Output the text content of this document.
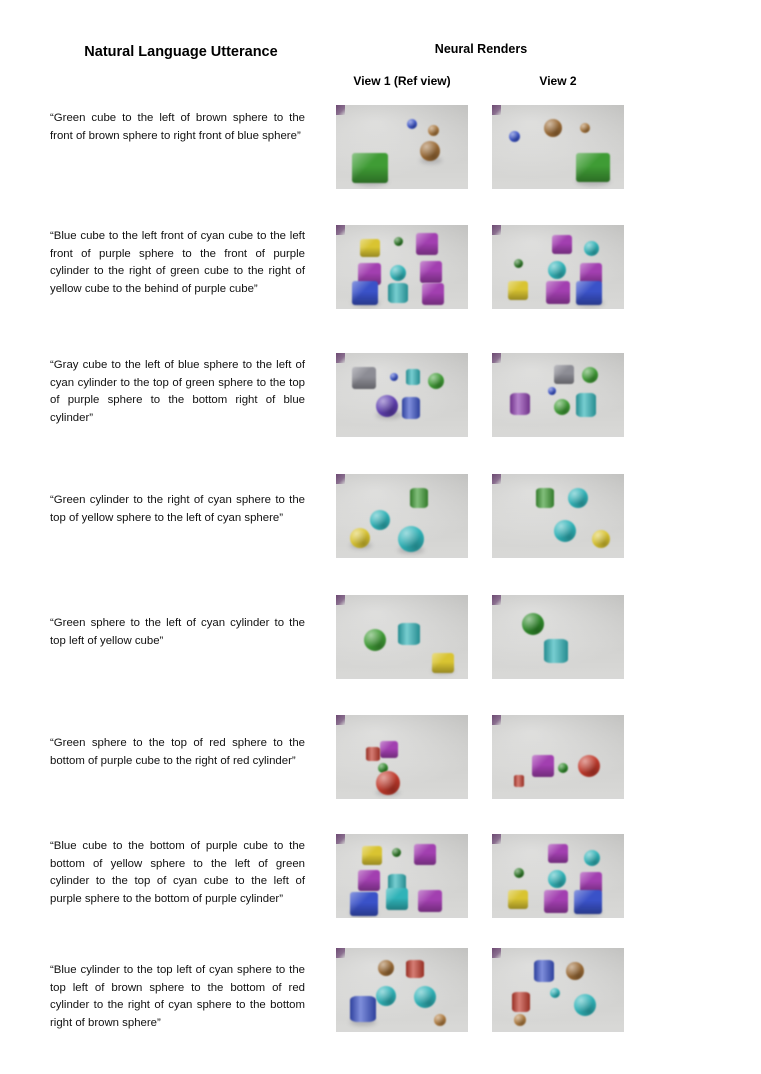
Natural Language Utterance	Neural Renders
View 1 (Ref view)	View 2
“Green cube to the left of brown sphere to the front of brown sphere to right front of blue sphere”
“Blue cube to the left front of cyan cube to the left front of purple sphere to the front of purple cylinder to the right of green cube to the right of yellow cube to the behind of purple cube”
“Gray cube to the left of blue sphere to the left of cyan cylinder to the top of green sphere to the top of purple sphere to the bottom right of blue cylinder”
“Green cylinder to the right of cyan sphere to the top of yellow sphere to the left of cyan sphere”
“Green sphere to the left of cyan cylinder to the top left of yellow cube”
“Green sphere to the top of red sphere to the bottom of purple cube to the right of red cylinder”
“Blue cube to the bottom of purple cube to the bottom of yellow sphere to the left of green cylinder to the top of cyan cube to the left of purple sphere to the bottom of purple cylinder”
“Blue cylinder to the top left of cyan sphere to the top left of brown sphere to the bottom of red cylinder to the right of cyan sphere to the bottom right of brown sphere”
